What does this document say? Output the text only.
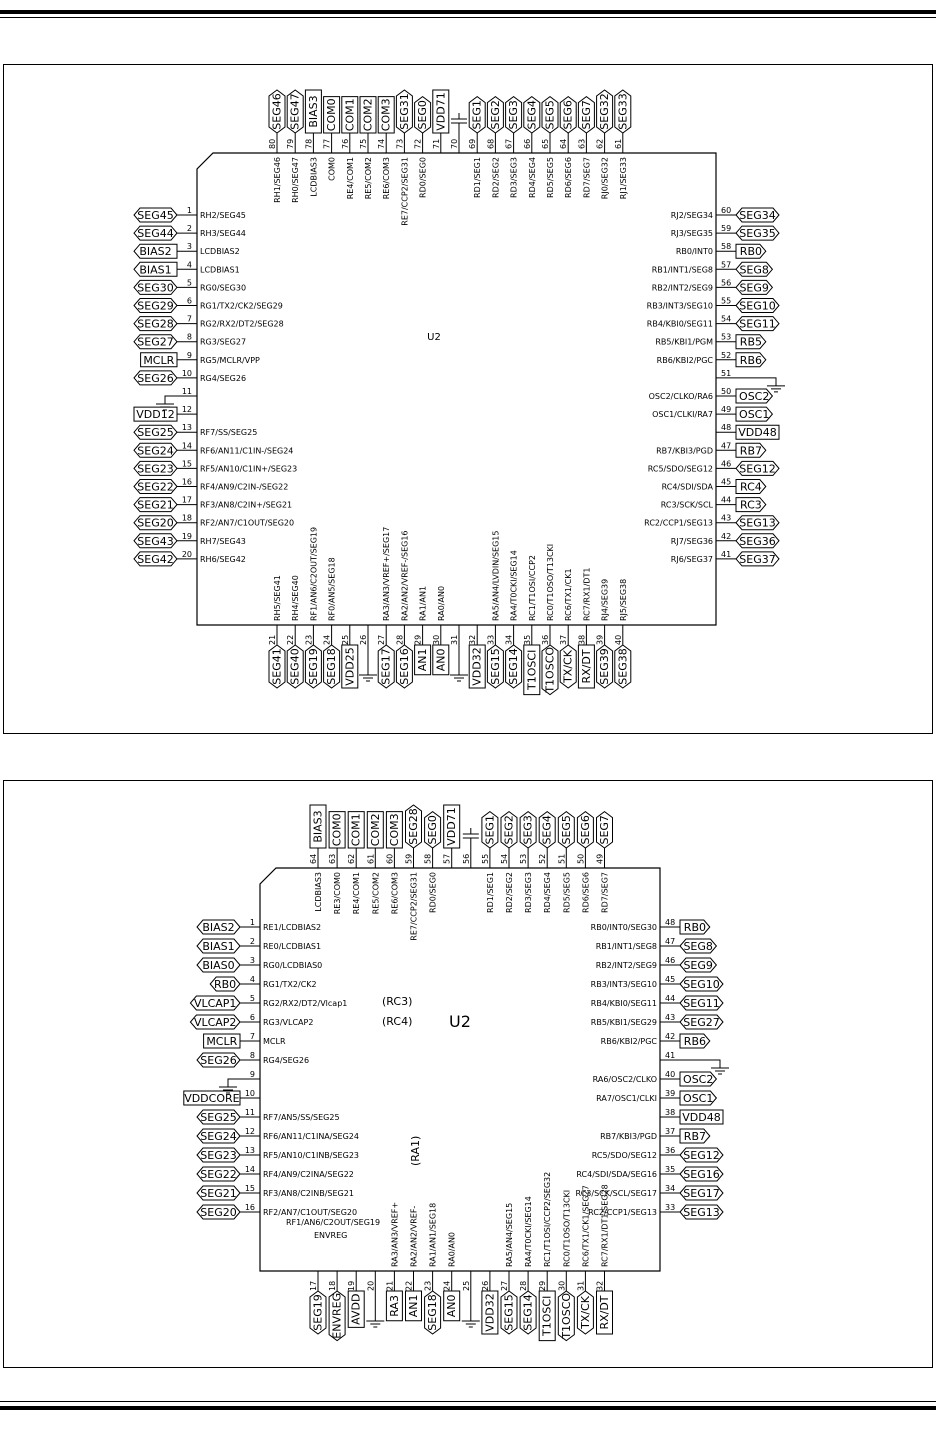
U2
1
RH2/SEG45
SEG45
2
RH3/SEG44
SEG44
3
LCDBIAS2
BIAS2
4
LCDBIAS1
BIAS1
5
RG0/SEG30
SEG30
6
RG1/TX2/CK2/SEG29
SEG29
7
RG2/RX2/DT2/SEG28
SEG28
8
RG3/SEG27
SEG27
9
RG5/MCLR/VPP
MCLR
10
RG4/SEG26
SEG26
11
12
VDD12
13
RF7/SS/SEG25
SEG25
14
RF6/AN11/C1IN-/SEG24
SEG24
15
RF5/AN10/C1IN+/SEG23
SEG23
16
RF4/AN9/C2IN-/SEG22
SEG22
17
RF3/AN8/C2IN+/SEG21
SEG21
18
RF2/AN7/C1OUT/SEG20
SEG20
19
RH7/SEG43
SEG43
20
RH6/SEG42
SEG42
60
RJ2/SEG34 SEG34
59
RJ3/SEG35 SEG35
58
RB0/INT0 RB0
57
RB1/INT1/SEG8 SEG8
56
RB2/INT2/SEG9 SEG9
55
RB3/INT3/SEG10 SEG10
54
RB4/KBI0/SEG11 SEG11
53
RB5/KBI1/PGM RB5
52
RB6/KBI2/PGC RB6
51
50
OSC2/CLKO/RA6 OSC2
49
OSC1/CLKI/RA7 OSC1
48 VDD48
47
RB7/KBI3/PGD RB7
46
RC5/SDO/SEG12 SEG12
45
RC4/SDI/SDA RC4
44
RC3/SCK/SCL RC3
43
RC2/CCP1/SEG13 SEG13
42
RJ7/SEG36 SEG36
41
RJ6/SEG37 SEG37
80
RH1/SEG46
SEG46
79
RH0/SEG47
SEG47
78
LCDBIAS3
BIAS3
77
COM0
COM0
76
RE4/COM1
COM1
75
RE5/COM2
COM2
74
RE6/COM3
COM3
73
RE7/CCP2/SEG31
SEG31
72
RD0/SEG0
SEG0
71
VDD71
70 69
RD1/SEG1
SEG1
68
RD2/SEG2
SEG2
67
RD3/SEG3
SEG3
66
RD4/SEG4
SEG4
65
RD5/SEG5
SEG5
64
RD6/SEG6
SEG6
63
RD7/SEG7
SEG7
62
RJ0/SEG32
SEG32
61
RJ1/SEG33
SEG33
21
RH5/SEG41
SEG41
22
RH4/SEG40
SEG40
23
RF1/AN6/C2OUT/SEG19
SEG19
24
RF0/AN5/SEG18
SEG18
25
VDD25
26 27
RA3/AN3/VREF+/SEG17
SEG17
28
RA2/AN2/VREF-/SEG16
SEG16
29
RA1/AN1
AN1
30
RA0/AN0
AN0
31 32
VDD32
33
RA5/AN4/LVDIN/SEG15
SEG15
34
RA4/T0CKI/SEG14
SEG14
35
RC1/T1OSI/CCP2
T1OSCI
36
RC0/T1OSO/T13CKI
T1OSCO
37
RC6/TX1/CK1
TX/CK
38
RC7/RX1/DT1
RX/DT
39
RJ4/SEG39
SEG39
40
RJ5/SEG38
SEG38
U2
1
RE1/LCDBIAS2
BIAS2
2
RE0/LCDBIAS1
BIAS1
3
RG0/LCDBIAS0
BIAS0
4
RG1/TX2/CK2
RB0
5
RG2/RX2/DT2/Vlcap1
VLCAP1
6
RG3/VLCAP2
VLCAP2
7
MCLR
MCLR
8
RG4/SEG26
SEG26
9
10
VDDCORE
11
RF7/AN5/SS/SEG25
SEG25
12
RF6/AN11/C1INA/SEG24
SEG24
13
RF5/AN10/C1INB/SEG23
SEG23
14
RF4/AN9/C2INA/SEG22
SEG22
15
RF3/AN8/C2INB/SEG21
SEG21
16
RF2/AN7/C1OUT/SEG20
SEG20
48
RB0/INT0/SEG30 RB0
47
RB1/INT1/SEG8 SEG8
46
RB2/INT2/SEG9 SEG9
45
RB3/INT3/SEG10 SEG10
44
RB4/KBI0/SEG11 SEG11
43
RB5/KBI1/SEG29 SEG27
42
RB6/KBI2/PGC RB6
41
40
RA6/OSC2/CLKO OSC2
39
RA7/OSC1/CLKI OSC1
38 VDD48
37
RB7/KBI3/PGD RB7
36
RC5/SDO/SEG12 SEG12
35
RC4/SDI/SDA/SEG16 SEG16
34
RC3/SCK/SCL/SEG17 SEG17
33
RC2/CCP1/SEG13 SEG13
64
LCDBIAS3
BIAS3
63
RE3/COM0
COM0
62
RE4/COM1
COM1
61
RE5/COM2
COM2
60
RE6/COM3
COM3
59
RE7/CCP2/SEG31
SEG28
58
RD0/SEG0
SEG0
57
VDD71
56 55
RD1/SEG1
SEG1
54
RD2/SEG2
SEG2
53
RD3/SEG3
SEG3
52
RD4/SEG4
SEG4
51
RD5/SEG5
SEG5
50
RD6/SEG6
SEG6
49
RD7/SEG7
SEG7
17
SEG19
18
ENVREG
19
AVDD
20 21
RA3/AN3/VREF+
RA3
22
RA2/AN2/VREF-
AN1
23
RA1/AN1/SEG18
SEG18
24
RA0/AN0
AN0
25 26
VDD32
27
RA5/AN4/SEG15
SEG15
28
RA4/T0CKI/SEG14
SEG14
29
RC1/T1OSI/CCP2/SEG32
T1OSCI
30
RC0/T1OSO/T13CKI
T1OSCO
31
RC6/TX1/CK1/SEG27
TX/CK
32
RC7/RX1/DT1/SEG28
RX/DT
(RC3)
(RC4)
(RA1)
RF1/AN6/C2OUT/SEG19
ENVREG
